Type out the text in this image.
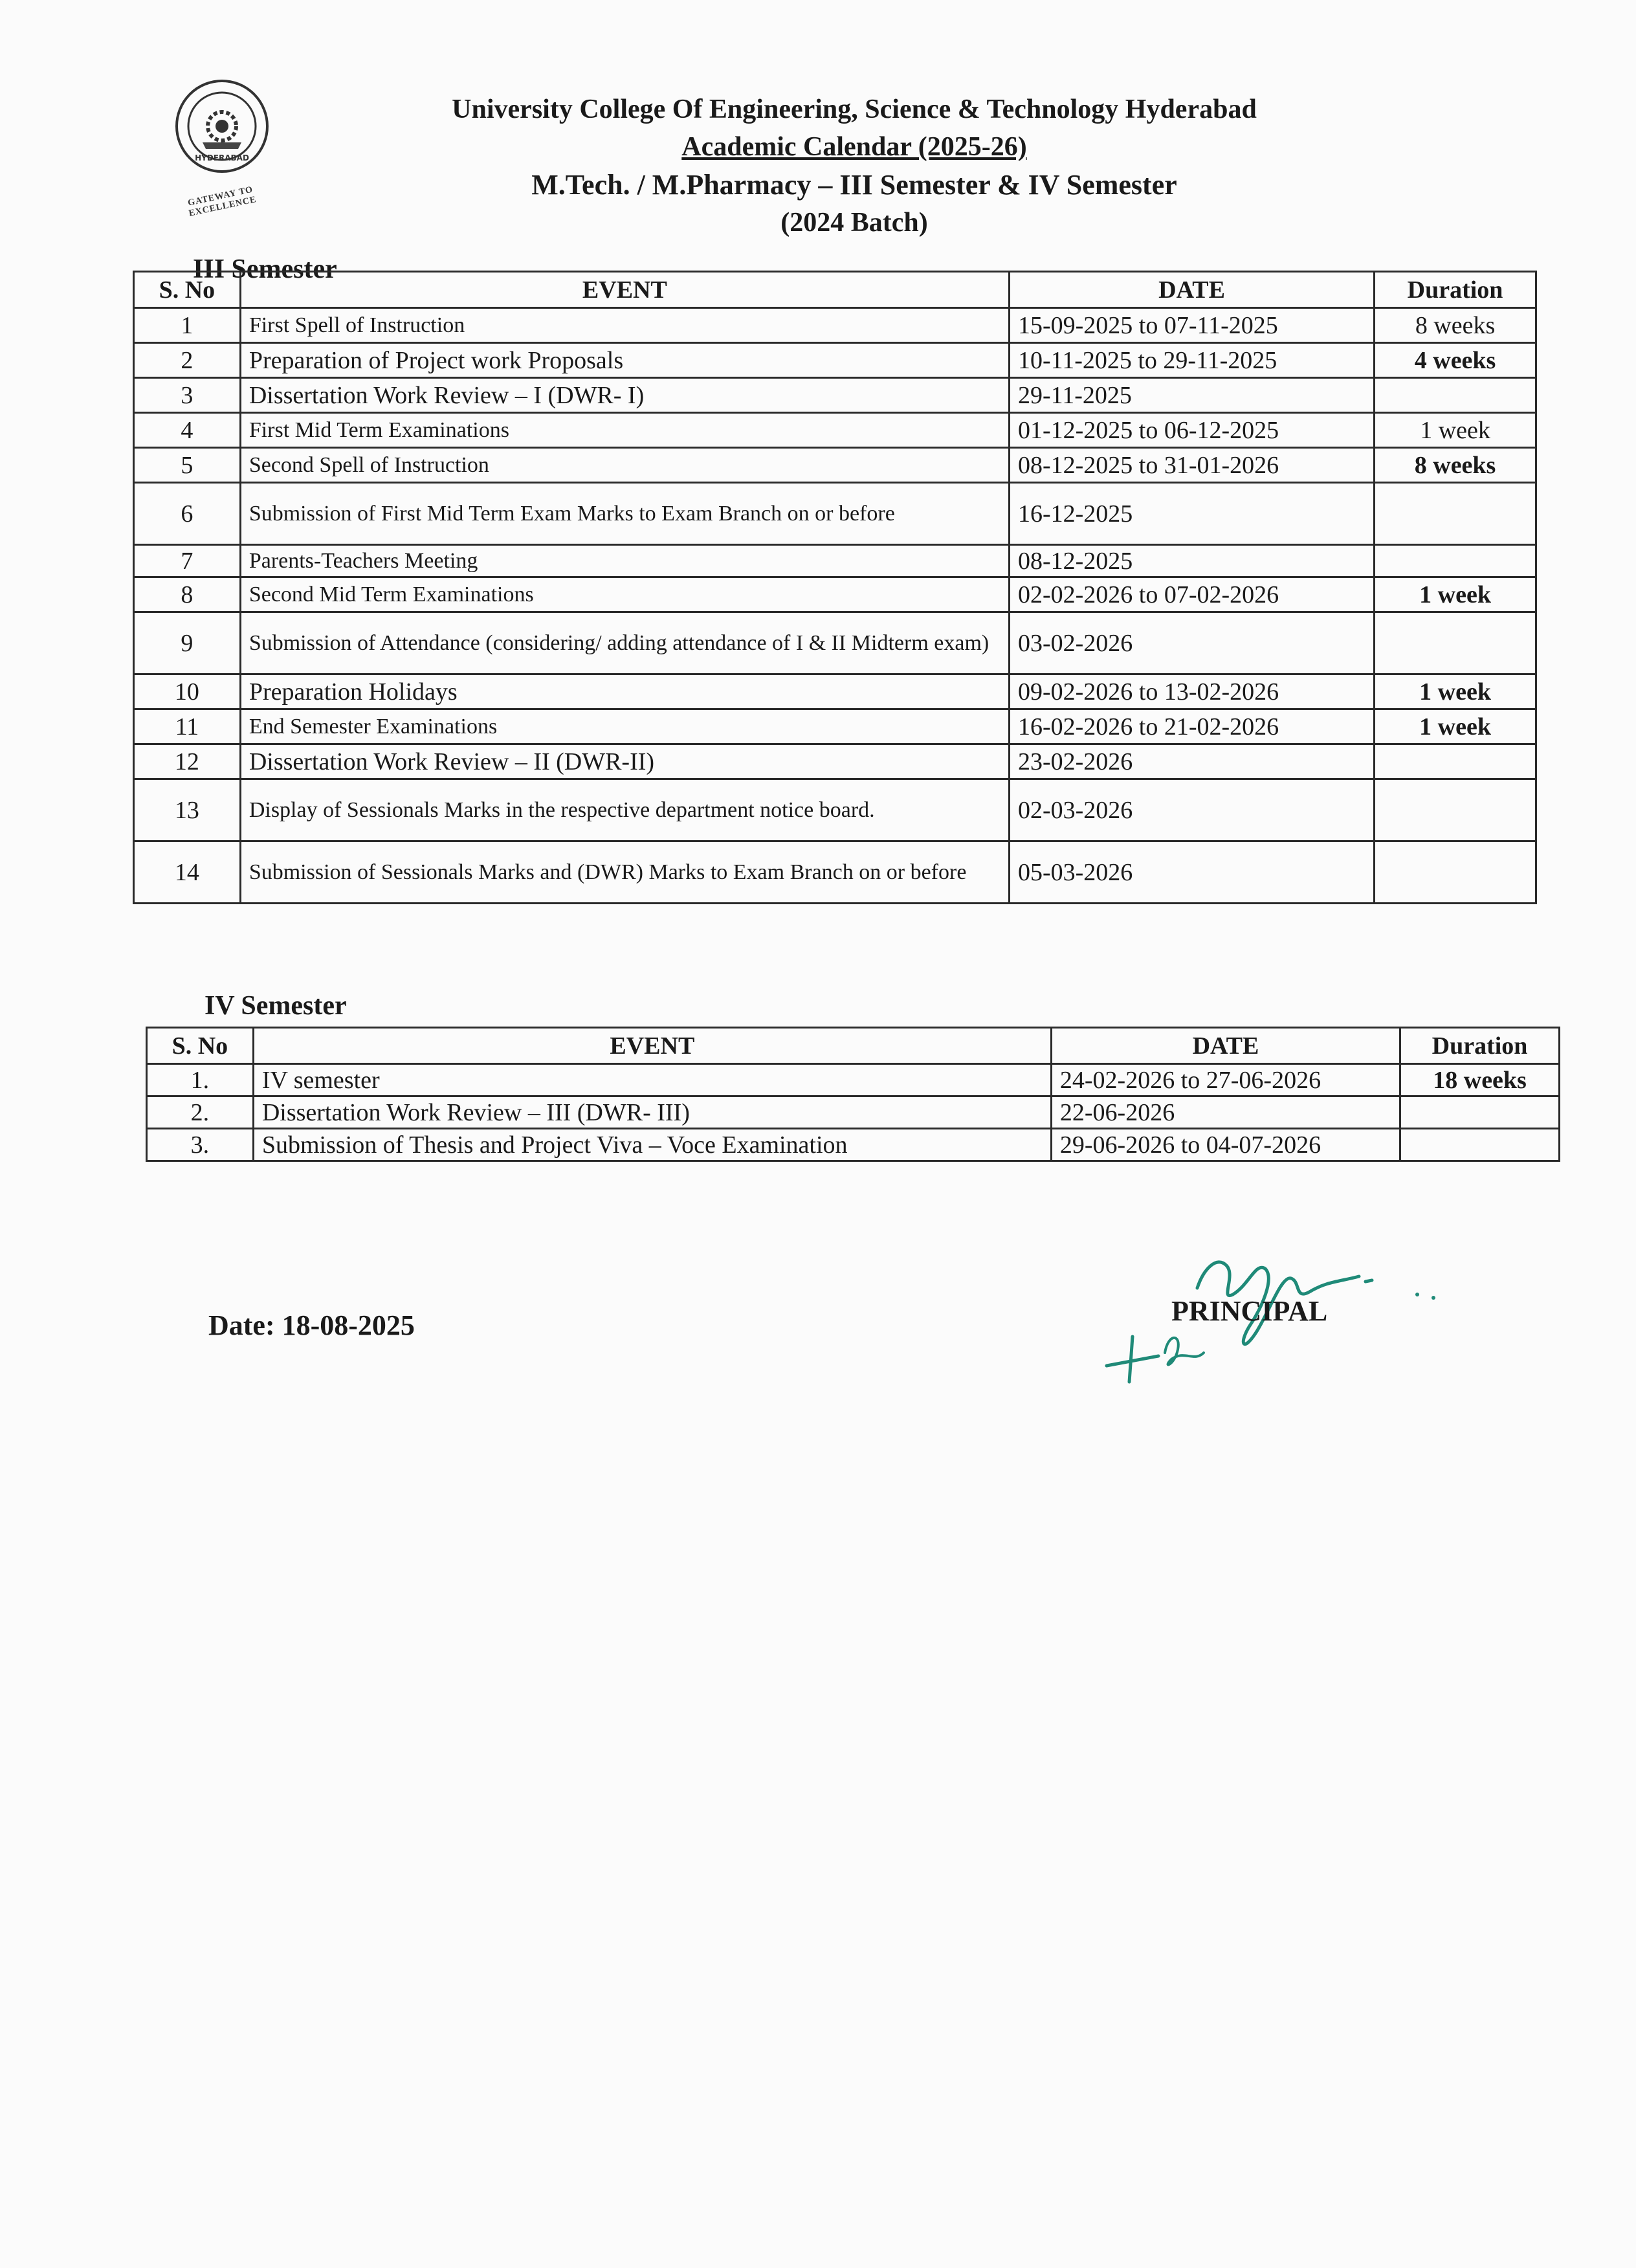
HYDERABAD
GATEWAY TO EXCELLENCE
University College Of Engineering, Science & Technology Hyderabad
Academic Calendar (2025-26)
M.Tech. / M.Pharmacy – III Semester & IV Semester
(2024 Batch)
III Semester
S. No	EVENT	DATE	Duration
1	First Spell of Instruction	15-09-2025 to 07-11-2025	8 weeks
2	Preparation of Project work Proposals	10-11-2025 to 29-11-2025	4 weeks
3	Dissertation Work Review – I (DWR- I)	29-11-2025	
4	First Mid Term Examinations	01-12-2025 to 06-12-2025	1 week
5	Second Spell of Instruction	08-12-2025 to 31-01-2026	8 weeks
6	Submission of First Mid Term Exam Marks to Exam Branch on or before	16-12-2025	
7	Parents-Teachers Meeting	08-12-2025	
8	Second Mid Term Examinations	02-02-2026 to 07-02-2026	1 week
9	Submission of Attendance (considering/ adding attendance of I & II Midterm exam)	03-02-2026	
10	Preparation Holidays	09-02-2026 to 13-02-2026	1 week
11	End Semester Examinations	16-02-2026 to 21-02-2026	1 week
12	Dissertation Work Review – II (DWR-II)	23-02-2026	
13	Display of Sessionals Marks in the respective department notice board.	02-03-2026	
14	Submission of Sessionals Marks and (DWR) Marks to Exam Branch on or before	05-03-2026	
IV Semester
S. No	EVENT	DATE	Duration
1.	IV semester	24-02-2026 to 27-06-2026	18 weeks
2.	Dissertation Work Review – III (DWR- III)	22-06-2026	
3.	Submission of Thesis and Project Viva – Voce Examination	29-06-2026 to 04-07-2026	
Date: 18-08-2025	PRINCIPAL
